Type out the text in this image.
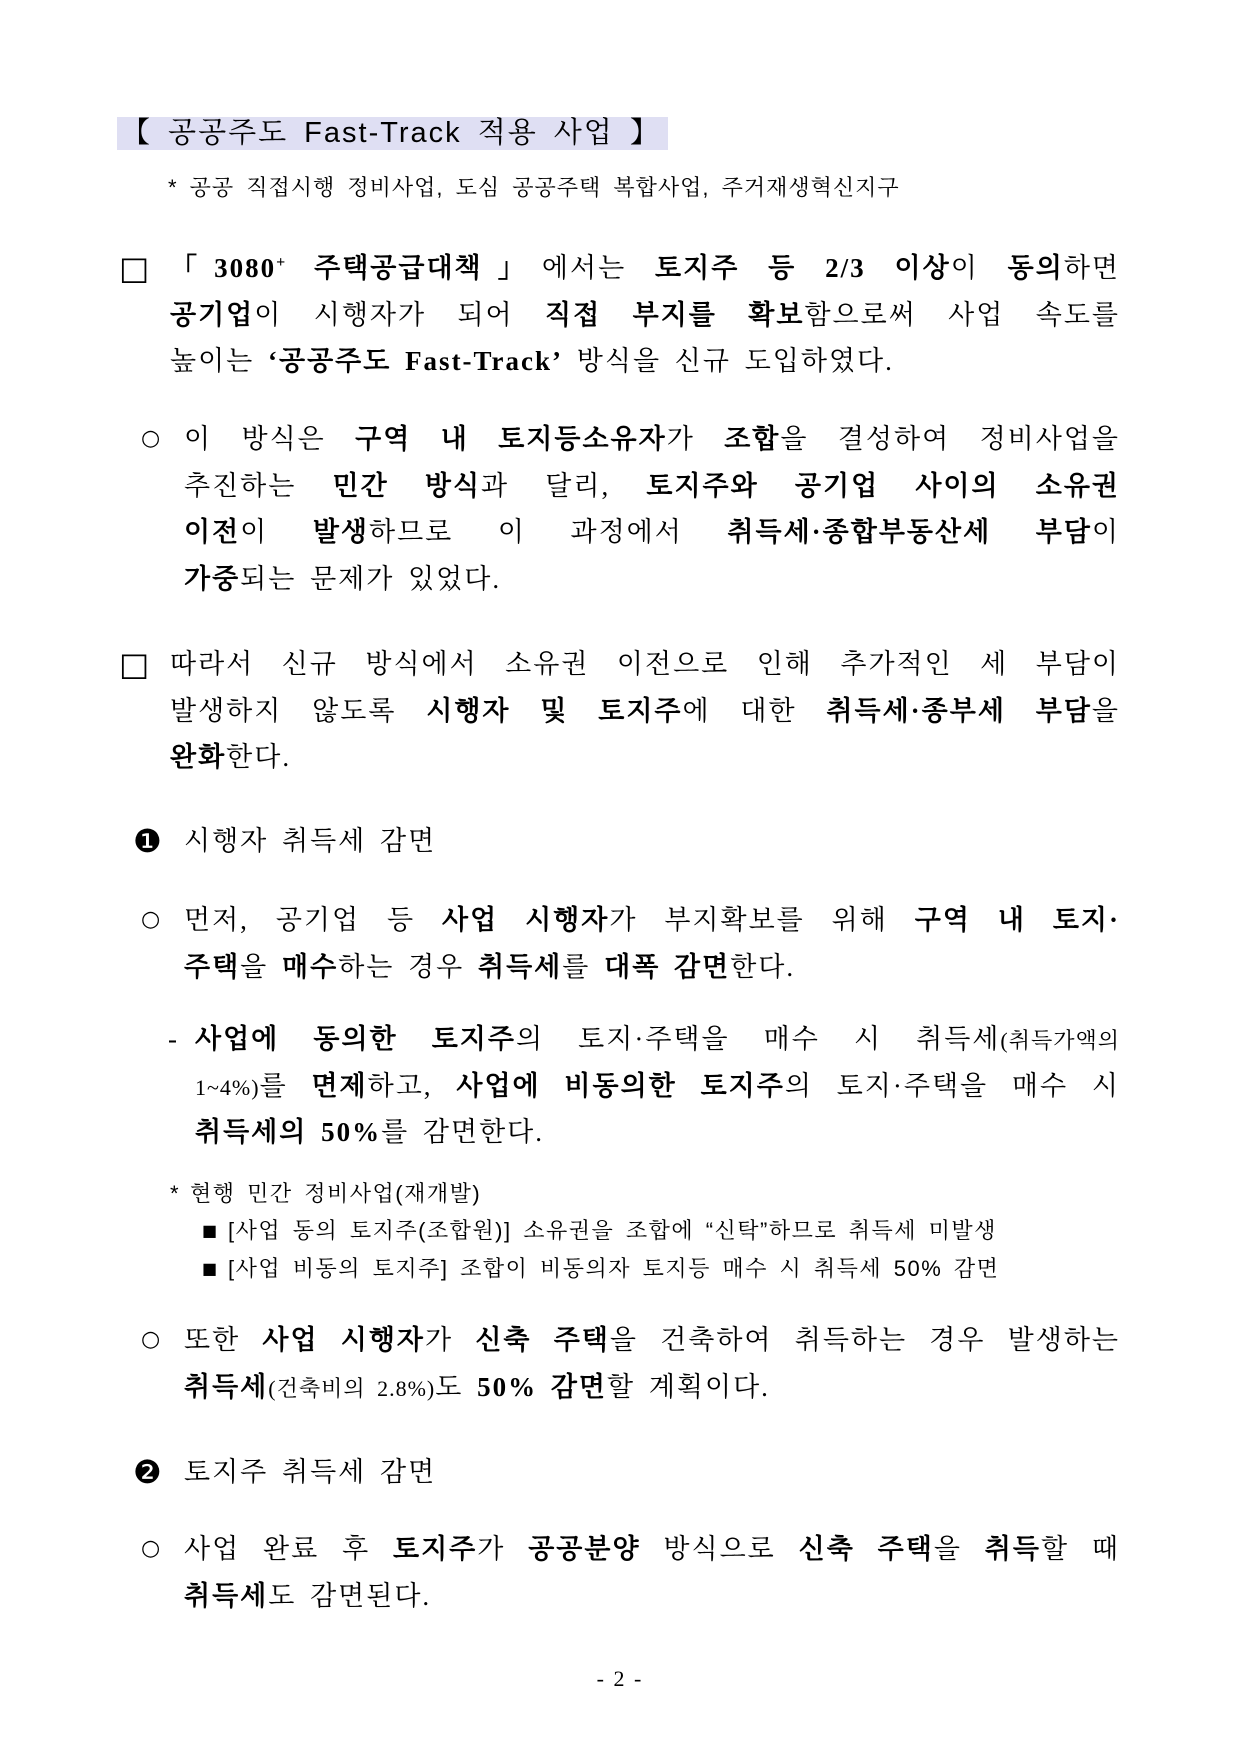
【 공공주도 Fast-Track 적용 사업 】
* 공공 직접시행 정비사업, 도심 공공주택 복합사업, 주거재생혁신지구
□ 「3080+ 주택공급대책」에서는 토지주 등 2/3 이상이 동의하면
공기업이 시행자가 되어 직접 부지를 확보함으로써 사업 속도를
높이는 ‘공공주도 Fast-Track’ 방식을 신규 도입하였다.
○ 이 방식은 구역 내 토지등소유자가 조합을 결성하여 정비사업을
추진하는 민간 방식과 달리, 토지주와 공기업 사이의 소유권
이전이 발생하므로 이 과정에서 취득세·종합부동산세 부담이
가중되는 문제가 있었다.
□ 따라서 신규 방식에서 소유권 이전으로 인해 추가적인 세 부담이
발생하지 않도록 시행자 및 토지주에 대한 취득세·종부세 부담을
완화한다.
❶ 시행자 취득세 감면
○ 먼저, 공기업 등 사업 시행자가 부지확보를 위해 구역 내 토지·
주택을 매수하는 경우 취득세를 대폭 감면한다.
- 사업에 동의한 토지주의 토지·주택을 매수 시 취득세(취득가액의
1~4%)를 면제하고, 사업에 비동의한 토지주의 토지·주택을 매수 시
취득세의 50%를 감면한다.
* 현행 민간 정비사업(재개발)
■ [사업 동의 토지주(조합원)] 소유권을 조합에 “신탁”하므로 취득세 미발생
■ [사업 비동의 토지주] 조합이 비동의자 토지등 매수 시 취득세 50% 감면
○ 또한 사업 시행자가 신축 주택을 건축하여 취득하는 경우 발생하는
취득세(건축비의 2.8%)도 50% 감면할 계획이다.
❷ 토지주 취득세 감면
○ 사업 완료 후 토지주가 공공분양 방식으로 신축 주택을 취득할 때
취득세도 감면된다.
- 2 -
